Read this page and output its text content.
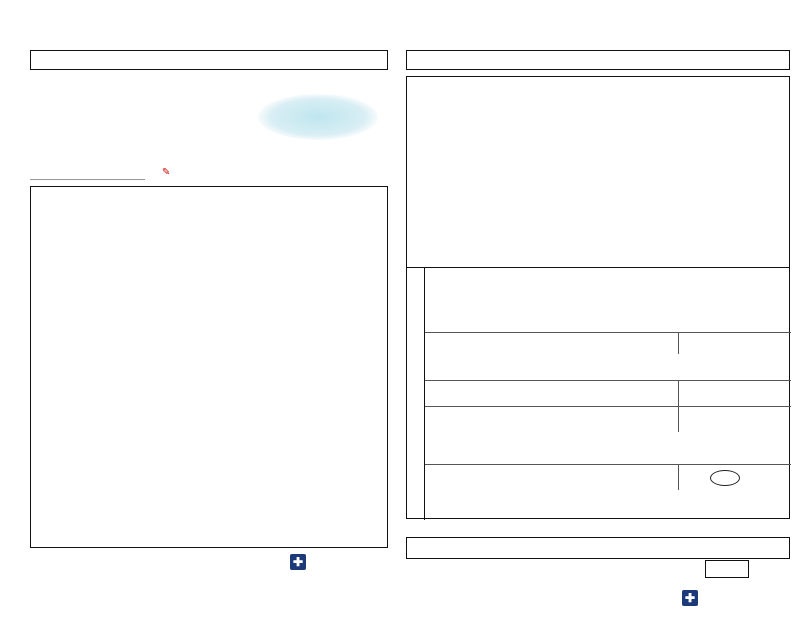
✎
✚
✚
